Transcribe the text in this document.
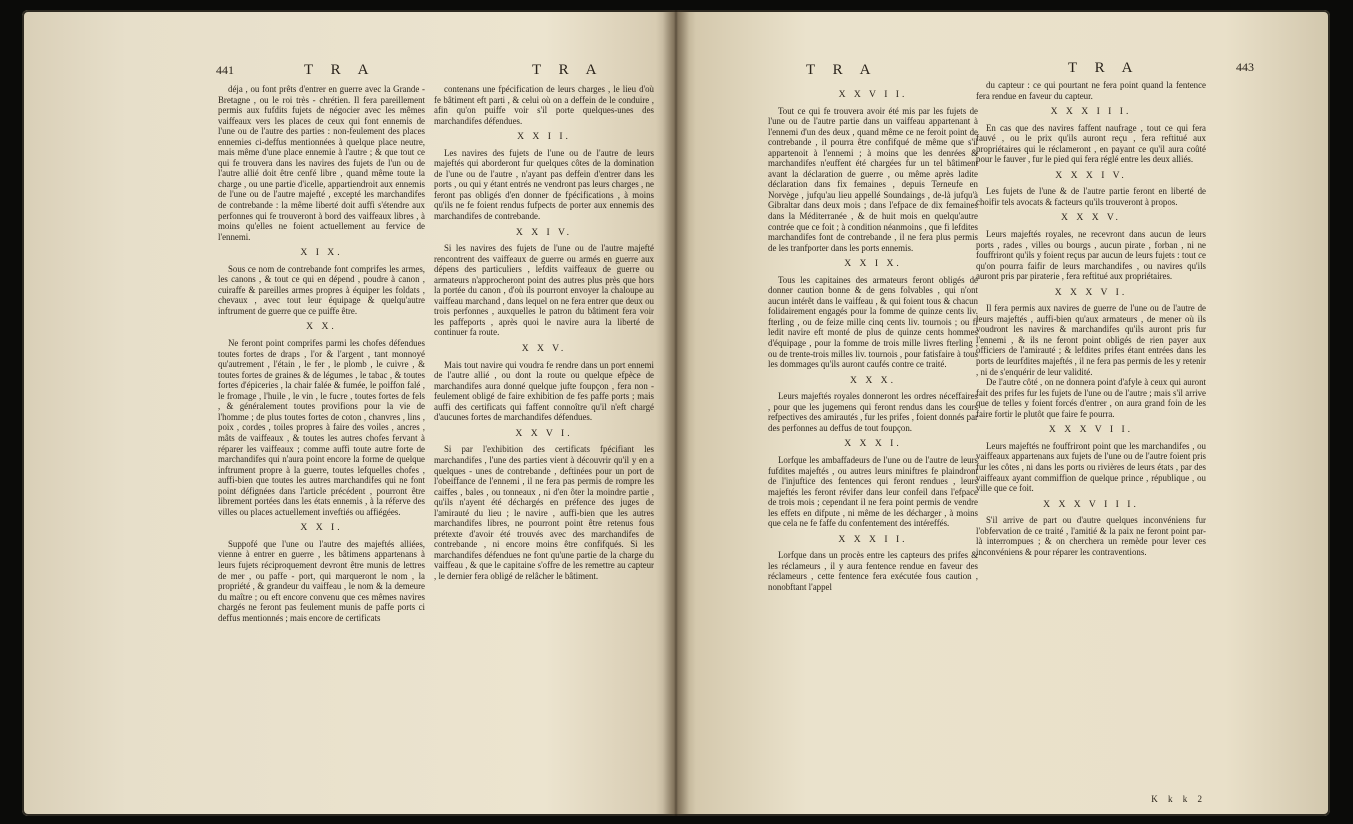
441	T R A	T R A

déja , ou font prêts d'entrer en guerre avec la Grande - Bretagne , ou le roi très - chrétien. Il fera pareillement permis aux fufdits fujets de négocier avec les mêmes vaiffeaux vers les places de ceux qui font ennemis de l'une ou de l'autre des parties : non-feulement des places ennemies ci-deffus mentionnées à quelque place neutre, mais même d'une place ennemie à l'autre ; & que tout ce qui fe trouvera dans les navires des fujets de l'un ou de l'autre allié doit être cenfé libre , quand même toute la charge , ou une partie d'icelle, appartiendroit aux ennemis de l'une ou de l'autre majefté , excepté les marchandifes de contrebande : la même liberté doit auffi s'étendre aux perfonnes qui fe trouveront à bord des vaiffeaux libres , à moins qu'elles ne foient actuellement au fervice de l'ennemi.

X I X.

Sous ce nom de contrebande font comprifes les armes, les canons , & tout ce qui en dépend , poudre à canon , cuiraffe & pareilles armes propres à équiper les foldats , chevaux , avec tout leur équipage & quelqu'autre inftrument de guerre que ce puiffe être.

X X.

Ne feront point comprifes parmi les chofes défendues toutes fortes de draps , l'or & l'argent , tant monnoyé qu'autrement , l'étain , le fer , le plomb , le cuivre , & toutes fortes de graines & de légumes , le tabac , & toutes fortes d'épiceries , la chair falée & fumée, le poiffon falé , le fromage , l'huile , le vin , le fucre , toutes fortes de fels , & généralement toutes provifions pour la vie de l'homme ; de plus toutes fortes de coton , chanvres , lins , poix , cordes , toiles propres à faire des voiles , ancres , mâts de vaiffeaux , & toutes les autres chofes fervant à réparer les vaiffeaux ; comme auffi toute autre forte de marchandifes qui n'aura point encore la forme de quelque inftrument propre à la guerre, toutes lefquelles chofes , auffi-bien que toutes les autres marchandifes qui ne font point défignées dans l'article précédent , pourront être librement portées dans les états ennemis , à la réferve des villes ou places actuellement inveftiés ou affiégées.

X X I.

Suppofé que l'une ou l'autre des majeftés alliées, vienne à entrer en guerre , les bâtimens appartenans à leurs fujets réciproquement devront être munis de lettres de mer , ou paffe - port, qui marqueront le nom , la propriété , & grandeur du vaiffeau , le nom & la demeure du maître ; ou eft encore convenu que ces mêmes navires chargés ne feront pas feulement munis de paffe ports ci deffus mentionnés ; mais encore de certificats

contenans une fpécification de leurs charges , le lieu d'où fe bâtiment eft parti , & celui où on a deffein de le conduire , afin qu'on puiffe voir s'il porte quelques-unes des marchandifes défendues.

X X I I.

Les navires des fujets de l'une ou de l'autre de leurs majeftés qui aborderont fur quelques côtes de la domination de l'une ou de l'autre , n'ayant pas deffein d'entrer dans les ports , ou qui y étant entrés ne vendront pas leurs charges , ne feront pas obligés d'en donner de fpécifications , à moins qu'ils ne fe foient rendus fufpects de porter aux ennemis des marchandifes de contrebande.

X X I V.

Si les navires des fujets de l'une ou de l'autre majefté rencontrent des vaiffeaux de guerre ou armés en guerre aux dépens des particuliers , lefdits vaiffeaux de guerre ou armateurs n'approcheront point des autres plus près que hors la portée du canon , d'où ils pourront envoyer la chaloupe au vaiffeau marchand , dans lequel on ne fera entrer que deux ou trois perfonnes , auxquelles le patron du bâtiment fera voir les paffeports , après quoi le navire aura la liberté de continuer fa route.

X X V.

Mais tout navire qui voudra fe rendre dans un port ennemi de l'autre allié , ou dont la route ou quelque efpèce de marchandifes aura donné quelque jufte foupçon , fera non - feulement obligé de faire exhibition de fes paffe ports ; mais auffi des certificats qui faffent connoître qu'il n'eft chargé d'aucunes fortes de marchandifes défendues.

X X V I.

Si par l'exhibition des certificats fpécifiant les marchandifes , l'une des parties vient à découvrir qu'il y en a quelques - unes de contrebande , deftinées pour un port de l'obeiffance de l'ennemi , il ne fera pas permis de rompre les caiffes , bales , ou tonneaux , ni d'en ôter la moindre partie , qu'ils n'ayent été déchargés en préfence des juges de l'amirauté du lieu ; le navire , auffi-bien que les autres marchandifes libres, ne pourront point être retenus fous prétexte d'avoir été trouvés avec des marchandifes de contrebande , ni encore moins être confifqués. Si les marchandifes défendues ne font qu'une partie de la charge du vaiffeau , & que le capitaine s'offre de les remettre au capteur , le dernier fera obligé de relâcher le bâtiment.

T R A	T R A	443
X X V I I.

Tout ce qui fe trouvera avoir été mis par les fujets de l'une ou de l'autre partie dans un vaiffeau appartenant à l'ennemi d'un des deux , quand même ce ne feroit point de contrebande , il pourra être confifqué de même que s'il appartenoit à l'ennemi ; à moins que les denrées & marchandifes n'euffent été chargées fur un tel bâtiment avant la déclaration de guerre , ou même après ladite déclaration dans fix femaines , depuis Terneufe en Norvège , jufqu'au lieu appellé Soundaings , de-là jufqu'à Gibraltar dans deux mois ; dans l'efpace de dix femaines dans la Méditerranée , & de huit mois en quelqu'autre contrée que ce foit ; à condition néanmoins , que fi lefdites marchandifes font de contrebande , il ne fera plus permis de les tranfporter dans les ports ennemis.

X X I X.

Tous les capitaines des armateurs feront obligés de donner caution bonne & de gens folvables , qui n'ont aucun intérêt dans le vaiffeau , & qui foient tous & chacun folidairement engagés pour la fomme de quinze cents liv. fterling , ou de feize mille cinq cents liv. tournois ; ou fi ledit navire eft monté de plus de quinze cents hommes d'équipage , pour la fomme de trois mille livres fterling , ou de trente-trois milles liv. tournois , pour fatisfaire à tous les dommages qu'ils auront caufés contre ce traité.

X X X.

Leurs majeftés royales donneront les ordres néceffaires , pour que les jugemens qui feront rendus dans les cours refpectives des amirautés , fur les prifes , foient donnés par des perfonnes au deffus de tout foupçon.

X X X I.

Lorfque les ambaffadeurs de l'une ou de l'autre de leurs fufdites majeftés , ou autres leurs miniftres fe plaindront de l'injuftice des fentences qui feront rendues , leurs majeftés les feront révifer dans leur confeil dans l'efpace de trois mois ; cependant il ne fera point permis de vendre les effets en difpute , ni même de les décharger , à moins que cela ne fe faffe du confentement des intéreffés.

X X X I I.

Lorfque dans un procès entre les capteurs des prifes & les réclameurs , il y aura fentence rendue en faveur des réclameurs , cette fentence fera exécutée fous caution , nonobftant l'appel

du capteur : ce qui pourtant ne fera point quand la fentence fera rendue en faveur du capteur.

X X X I I I.

En cas que des navires faffent naufrage , tout ce qui fera fauvé , ou le prix qu'ils auront reçu , fera reftitué aux propriétaires qui le réclameront , en payant ce qu'il aura coûté pour le fauver , fur le pied qui fera réglé entre les deux alliés.

X X X I V.

Les fujets de l'une & de l'autre partie feront en liberté de choifir tels avocats & facteurs qu'ils trouveront à propos.

X X X V.

Leurs majeftés royales, ne recevront dans aucun de leurs ports , rades , villes ou bourgs , aucun pirate , forban , ni ne fouffriront qu'ils y foient reçus par aucun de leurs fujets : tout ce qu'on pourra faifir de leurs marchandifes , ou navires qu'ils auront pris par piraterie , fera reftitué aux propriétaires.

X X X V I.

Il fera permis aux navires de guerre de l'une ou de l'autre de leurs majeftés , auffi-bien qu'aux armateurs , de mener où ils voudront les navires & marchandifes qu'ils auront pris fur l'ennemi , & ils ne feront point obligés de rien payer aux officiers de l'amirauté ; & lefdites prifes étant entrées dans les ports de leurfdites majeftés , il ne fera pas permis de les y retenir , ni de s'enquérir de leur validité.

De l'autre côté , on ne donnera point d'afyle à ceux qui auront fait des prifes fur les fujets de l'une ou de l'autre ; mais s'il arrive que de telles y foient forcés d'entrer , on aura grand foin de les faire fortir le plutôt que faire fe pourra.

X X X V I I.

Leurs majeftés ne fouffriront point que les marchandifes , ou vaiffeaux appartenans aux fujets de l'une ou de l'autre foient pris fur les côtes , ni dans les ports ou rivières de leurs états , par des vaiffeaux ayant commiffion de quelque prince , république , ou ville que ce foit.

X X X V I I I.

S'il arrive de part ou d'autre quelques inconvéniens fur l'obfervation de ce traité , l'amitié & la paix ne feront point par-là interrompues ; & on cherchera un remède pour lever ces inconvéniens & pour réparer les contraventions.

K k k 2
